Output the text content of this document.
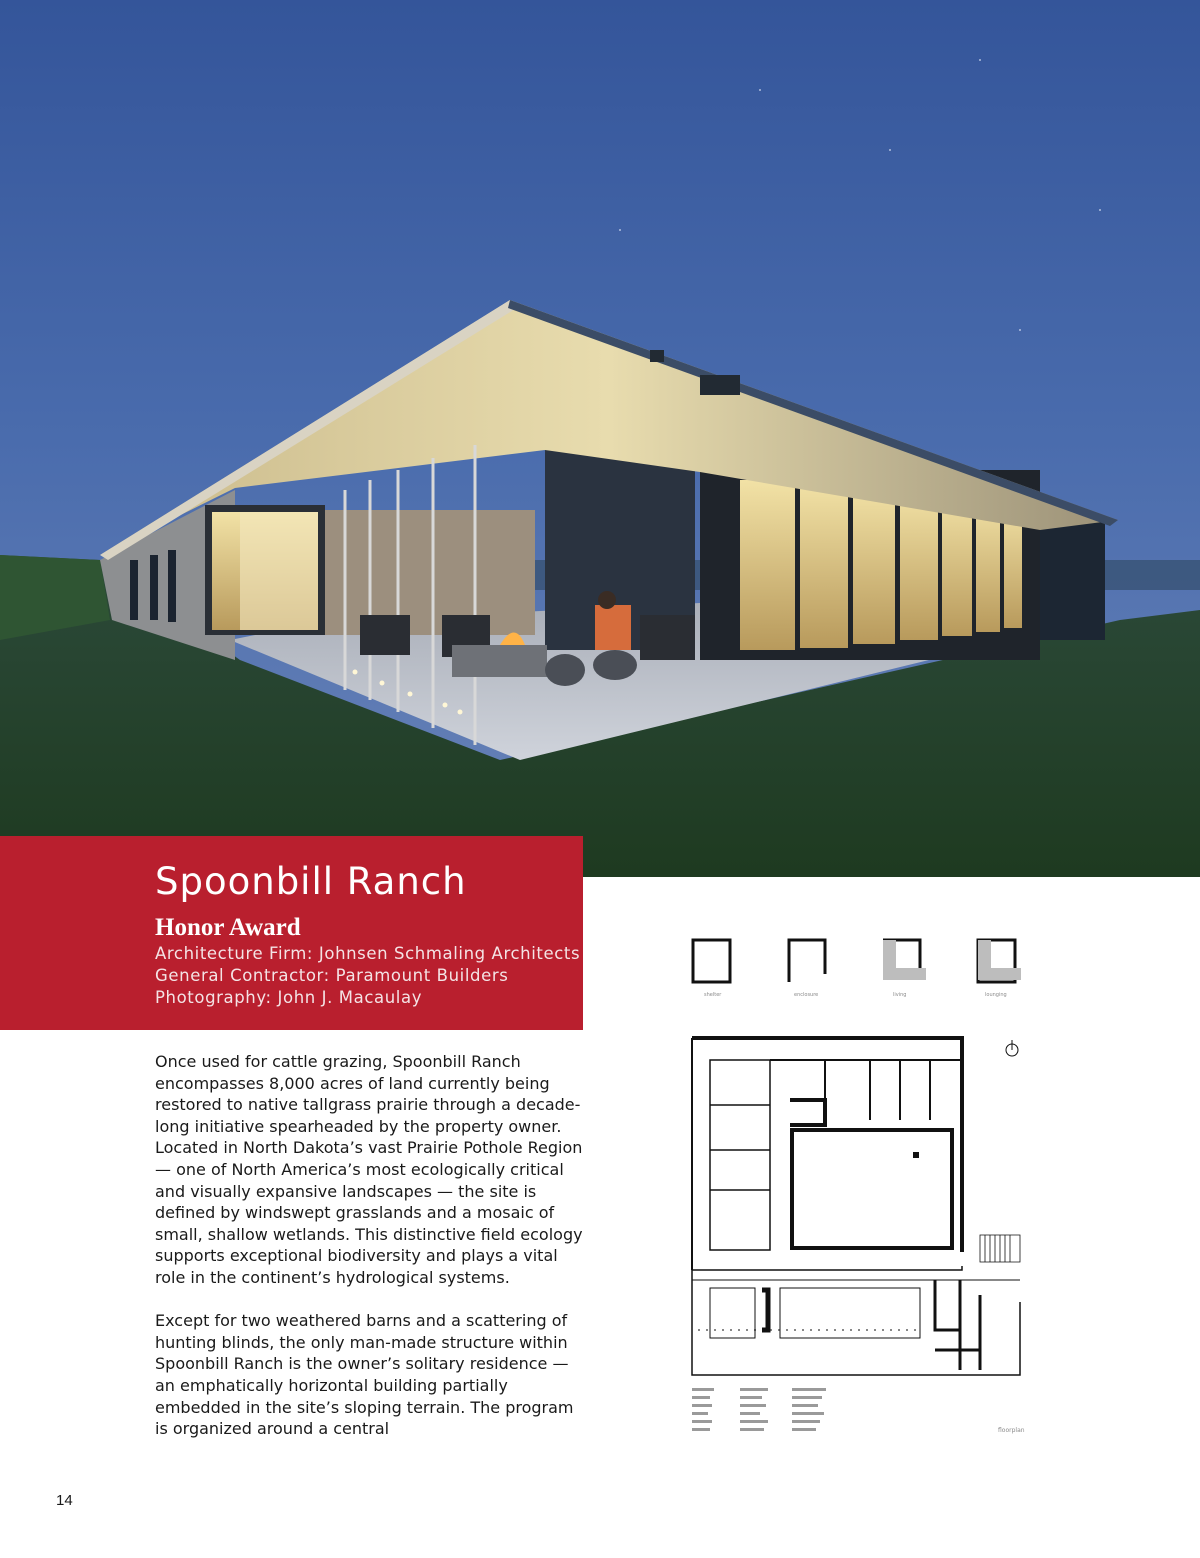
Spoonbill Ranch
Honor Award
Architecture Firm: Johnsen Schmaling Architects
General Contractor: Paramount Builders
Photography: John J. Macaulay

Once used for cattle grazing, Spoonbill Ranch encompasses 8,000 acres of land currently being restored to native tallgrass prairie through a decade-long initiative spearheaded by the property owner. Located in North Dakota’s vast Prairie Pothole Region — one of North America’s most ecologically critical and visually expansive landscapes — the site is defined by windswept grasslands and a mosaic of small, shallow wetlands. This distinctive field ecology supports exceptional biodiversity and plays a vital role in the continent’s hydrological systems.

Except for two weathered barns and a scattering of hunting blinds, the only man-made structure within Spoonbill Ranch is the owner’s solitary residence — an emphatically horizontal building partially embedded in the site’s sloping terrain. The program is organized around a central

shelter	enclosure	living	lounging
floorplan
14
